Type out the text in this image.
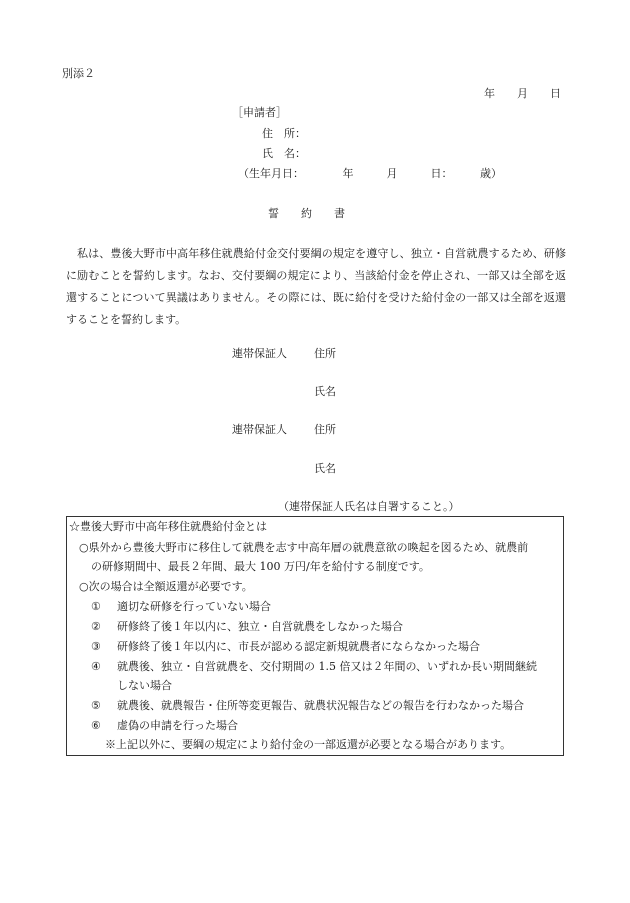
別添２
年　　月　　日
［申請者］
住　所：
氏　名：
（生年月日：　　　　年　　　月　　　日：　　　歳）
誓　　約　　書

私は、豊後大野市中高年移住就農給付金交付要綱の規定を遵守し、独立・自営就農するため、研修に励むことを誓約します。なお、交付要綱の規定により、当該給付金を停止され、一部又は全部を返還することについて異議はありません。その際には、既に給付を受けた給付金の一部又は全部を返還することを誓約します。

連帯保証人 住所
氏名
連帯保証人 住所
氏名
（連帯保証人氏名は自署すること。）
☆豊後大野市中高年移住就農給付金とは
○県外から豊後大野市に移住して就農を志す中高年層の就農意欲の喚起を図るため、就農前
の研修期間中、最長２年間、最大 100 万円/年を給付する制度です。
○次の場合は全額返還が必要です。
① 適切な研修を行っていない場合
② 研修終了後１年以内に、独立・自営就農をしなかった場合
③ 研修終了後１年以内に、市長が認める認定新規就農者にならなかった場合
④ 就農後、独立・自営就農を、交付期間の 1.5 倍又は２年間の、いずれか長い期間継続
しない場合
⑤ 就農後、就農報告・住所等変更報告、就農状況報告などの報告を行わなかった場合
⑥ 虚偽の申請を行った場合
※上記以外に、要綱の規定により給付金の一部返還が必要となる場合があります。
